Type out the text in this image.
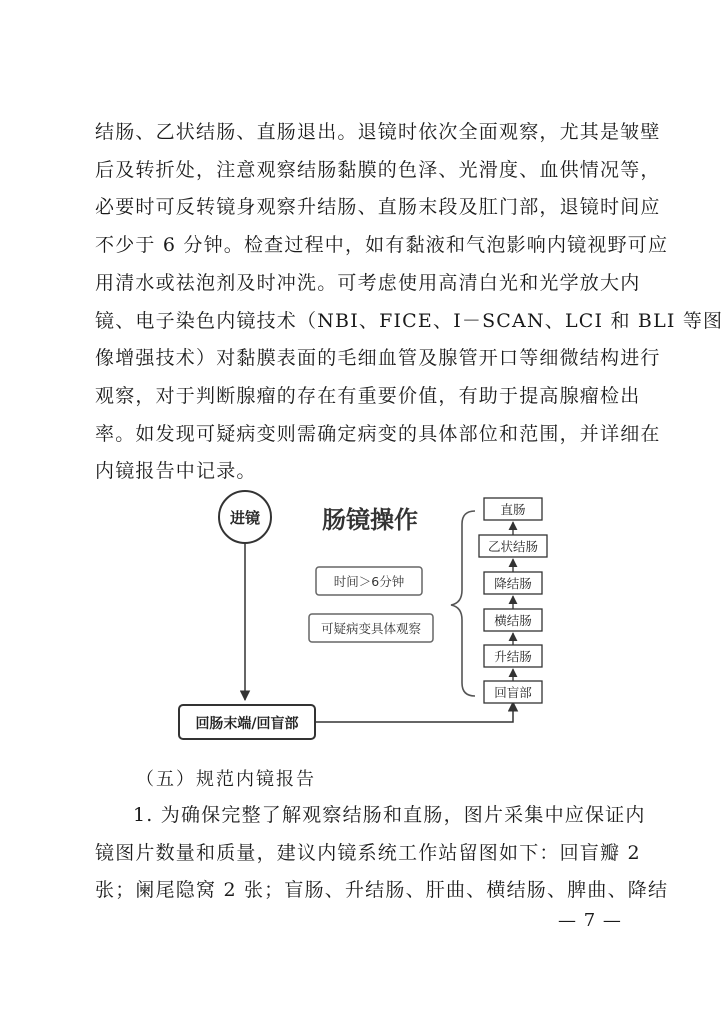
结肠、乙状结肠、直肠退出。退镜时依次全面观察，尤其是皱壁
后及转折处，注意观察结肠黏膜的色泽、光滑度、血供情况等，
必要时可反转镜身观察升结肠、直肠末段及肛门部，退镜时间应
不少于 6 分钟。检查过程中，如有黏液和气泡影响内镜视野可应
用清水或祛泡剂及时冲洗。可考虑使用高清白光和光学放大内
镜、电子染色内镜技术（NBI、FICE、I－SCAN、LCI 和 BLI 等图
像增强技术）对黏膜表面的毛细血管及腺管开口等细微结构进行
观察，对于判断腺瘤的存在有重要价值，有助于提高腺瘤检出
率。如发现可疑病变则需确定病变的具体部位和范围，并详细在
内镜报告中记录。
进镜	肠镜操作
时间＞6分钟
可疑病变具体观察
回肠末端/回盲部
直肠
乙状结肠
降结肠
横结肠
升结肠
回盲部
（五）规范内镜报告
1. 为确保完整了解观察结肠和直肠，图片采集中应保证内
镜图片数量和质量，建议内镜系统工作站留图如下：回盲瓣 2
张；阑尾隐窝 2 张；盲肠、升结肠、肝曲、横结肠、脾曲、降结
— 7 —
